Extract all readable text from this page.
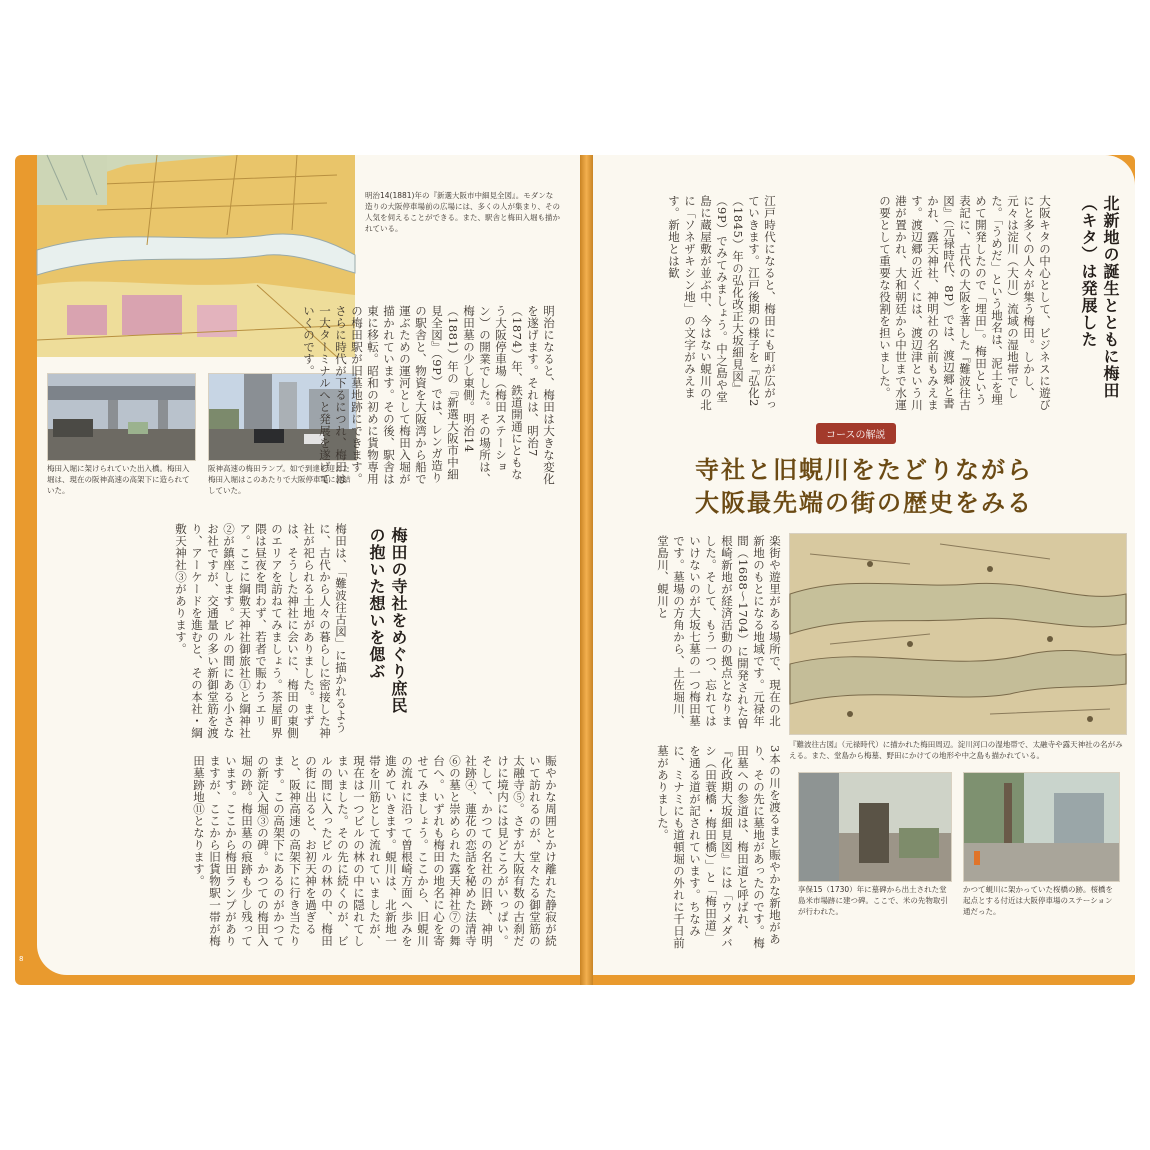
明治14(1881)年の『新選大阪市中細見全図』。モダンな造りの大阪停車場前の広場には、多くの人が集まり、その人気を伺えることができる。また、駅舎と梅田入堀も描かれている。
梅田入堀に架けられていた出入橋。梅田入堀は、現在の阪神高速の高架下に造られていた。
阪神高速の梅田ランプ。如で到達を迎えた梅田入堀はこのあたりで大阪停車場に連結していた。
明治になると、梅田は大きな変化を遂げます。それは、明治7（1874）年、鉄道開通にともなう大阪停車場（梅田ステーション）の開業でした。その場所は、梅田墓の少し東側。明治14（1881）年の『新選大阪市中細見全図』（9P）では、レンガ造りの駅舎と、物資を大阪湾から船で運ぶための運河として梅田入堀が描かれています。その後、駅舎は東に移転。昭和の初めに貨物専用の梅田駅が旧墓地跡にできます。さらに時代が下るにつれ、梅田は一大ターミナルへと発展を遂げていくのです。
梅田の寺社をめぐり庶民の抱いた想いを偲ぶ
梅田は、「難波往古図」に描かれるように、古代から人々の暮らしに密接した神社が祀られる土地がありました。まずは、そうした神社に会いに、梅田の東側のエリアを訪ねてみましょう。茶屋町界隈は昼夜を問わず、若者で賑わうエリア。ここに綱敷天神社御旅社①と綱神社②が鎮座します。ビルの間にある小さなお社ですが、交通量の多い新御堂筋を渡り、アーケードを進むと、その本社・綱敷天神社③があります。
賑やかな周囲とかけ離れた静寂が続いて訪れるのが、堂々たる御堂筋の太融寺⑤。さすが大阪有数の古刹だけに境内には見どころがいっぱい。そして、かつての名社の旧跡、神明社跡④、蓮花の恋話を秘めた法清寺⑥の墓と崇められた露天神社⑦の舞台へ。いずれも梅田の地名に心を寄せてみましょう。ここから、旧蜆川の流れに沿って曽根崎方面へ歩みを進めていきます。蜆川は、北新地一帯を川筋として流れていましたが、現在は一つビルの林の中に隠れてしまいました。その先に続くのが、ビルの間に入ったビルの林の中、梅田の街に出ると、お初天神を過ぎると、阪神高速の高架下に行き当たります。この高架下にあるのがかつての新淀入堀③の碑。かつての梅田入堀の跡。梅田墓の痕跡も少し残っています。ここから梅田ランプがありますが、ここから旧貨物駅一帯が梅田墓跡地⑪となります。
8
北新地の誕生とともに梅田（キタ）は発展した
大阪キタの中心として、ビジネスに遊びにと多くの人々が集う梅田。しかし、元々は淀川（大川）流域の湿地帯でした。「うめだ」という地名は、泥土を埋めて開発したので「埋田」。梅田という表記に、古代の大阪を著した『難波往古図』（元禄時代、8P）では、渡辺郷と書かれ、露天神社、神明社の名前もみえます。渡辺郷の近くには、渡辺津という川港が置かれ、大和朝廷から中世まで水運の要として重要な役割を担いました。
江戸時代になると、梅田にも町が広がっていきます。江戸後期の様子を『弘化2（1845）年の弘化改正大坂細見図』（9P）でみてみましょう。中之島や堂島に蔵屋敷が並ぶ中、今はない蜆川の北に「ソネザキシン地」の文字がみえます。新地とは歓
コースの解説
寺社と旧蜆川をたどりながら
大阪最先端の街の歴史をみる
楽街や遊里がある場所で、現在の北新地のもとになる地域です。元禄年間（1688〜1704）に開発された曽根崎新地が経済活動の拠点となりました。そして、もう一つ、忘れてはいけないのが大坂七墓の一つ梅田墓です。墓場の方角から、土佐堀川、堂島川、蜆川と
3本の川を渡るまと賑やかな新地があり、その先に墓地があったのです。梅田墓への参道は、梅田道と呼ばれ、『化政期大坂細見図』には「ウメダバシ（田蓑橋・梅田橋）」と「梅田道」を通る道が記されています。ちなみに、ミナミにも道頓堀の外れに千日前墓がありました。
『難波往古図』（元禄時代）に描かれた梅田周辺。淀川河口の湿地帯で、太融寺や露天神社の名がみえる。また、堂島から梅墓、野田にかけての地形や中之島も描かれている。
享保15（1730）年に墓碑から出土された堂島米市場跡に建つ碑。ここで、米の先物取引が行われた。
かつて蜆川に架かっていた桜橋の跡。桜橋を起点とする付近は大阪停車場のステーション通だった。
9
